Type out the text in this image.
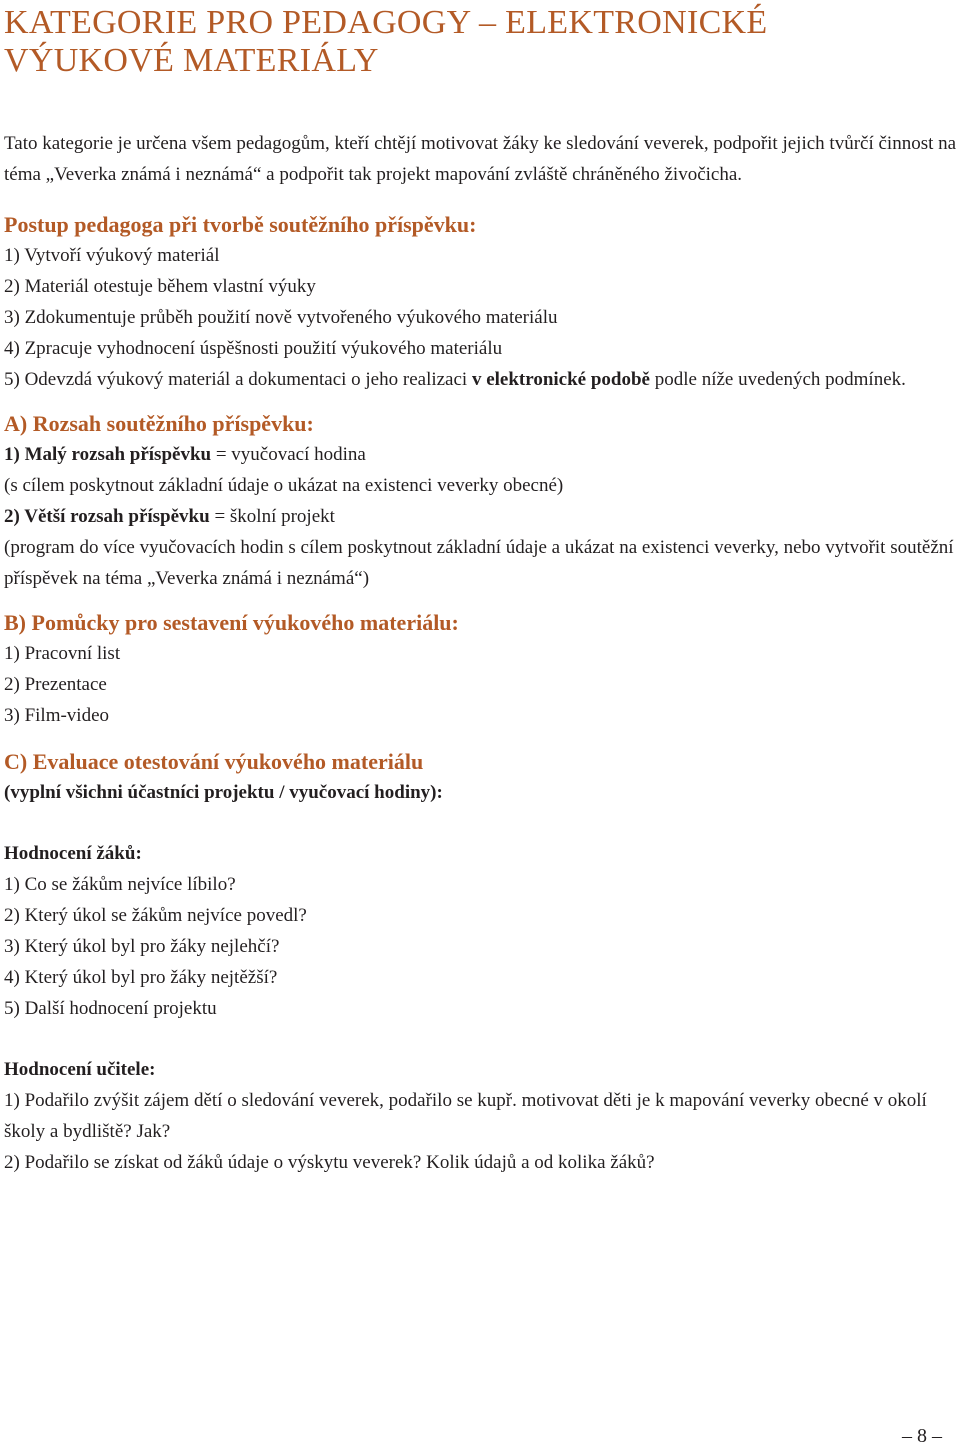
KATEGORIE PRO PEDAGOGY – ELEKTRONICKÉ
VÝUKOVÉ MATERIÁLY

Tato kategorie je určena všem pedagogům, kteří chtějí motivovat žáky ke sledování veverek, podpořit jejich tvůrčí činnost na téma „Veverka známá i neznámá“ a podpořit tak projekt mapování zvláště chráněného živočicha.

Postup pedagoga při tvorbě soutěžního příspěvku:

1) Vytvoří výukový materiál

2) Materiál otestuje během vlastní výuky

3) Zdokumentuje průběh použití nově vytvořeného výukového materiálu

4) Zpracuje vyhodnocení úspěšnosti použití výukového materiálu

5) Odevzdá výukový materiál a dokumentaci o jeho realizaci v elektronické podobě podle níže uvedených podmínek.

A) Rozsah soutěžního příspěvku:

1) Malý rozsah příspěvku = vyučovací hodina

(s cílem poskytnout základní údaje o ukázat na existenci veverky obecné)

2) Větší rozsah příspěvku = školní projekt

(program do více vyučovacích hodin s cílem poskytnout základní údaje a ukázat na existenci veverky, nebo vytvořit soutěžní příspěvek na téma „Veverka známá i neznámá“)

B) Pomůcky pro sestavení výukového materiálu:

1) Pracovní list

2) Prezentace

3) Film-video

C) Evaluace otestování výukového materiálu

(vyplní všichni účastníci projektu / vyučovací hodiny):

Hodnocení žáků:

1) Co se žákům nejvíce líbilo?

2) Který úkol se žákům nejvíce povedl?

3) Který úkol byl pro žáky nejlehčí?

4) Který úkol byl pro žáky nejtěžší?

5) Další hodnocení projektu

Hodnocení učitele:

1) Podařilo zvýšit zájem dětí o sledování veverek, podařilo se kupř. motivovat děti je k mapování veverky obecné v okolí školy a bydliště? Jak?

2) Podařilo se získat od žáků údaje o výskytu veverek? Kolik údajů a od kolika žáků?

– 8 –
